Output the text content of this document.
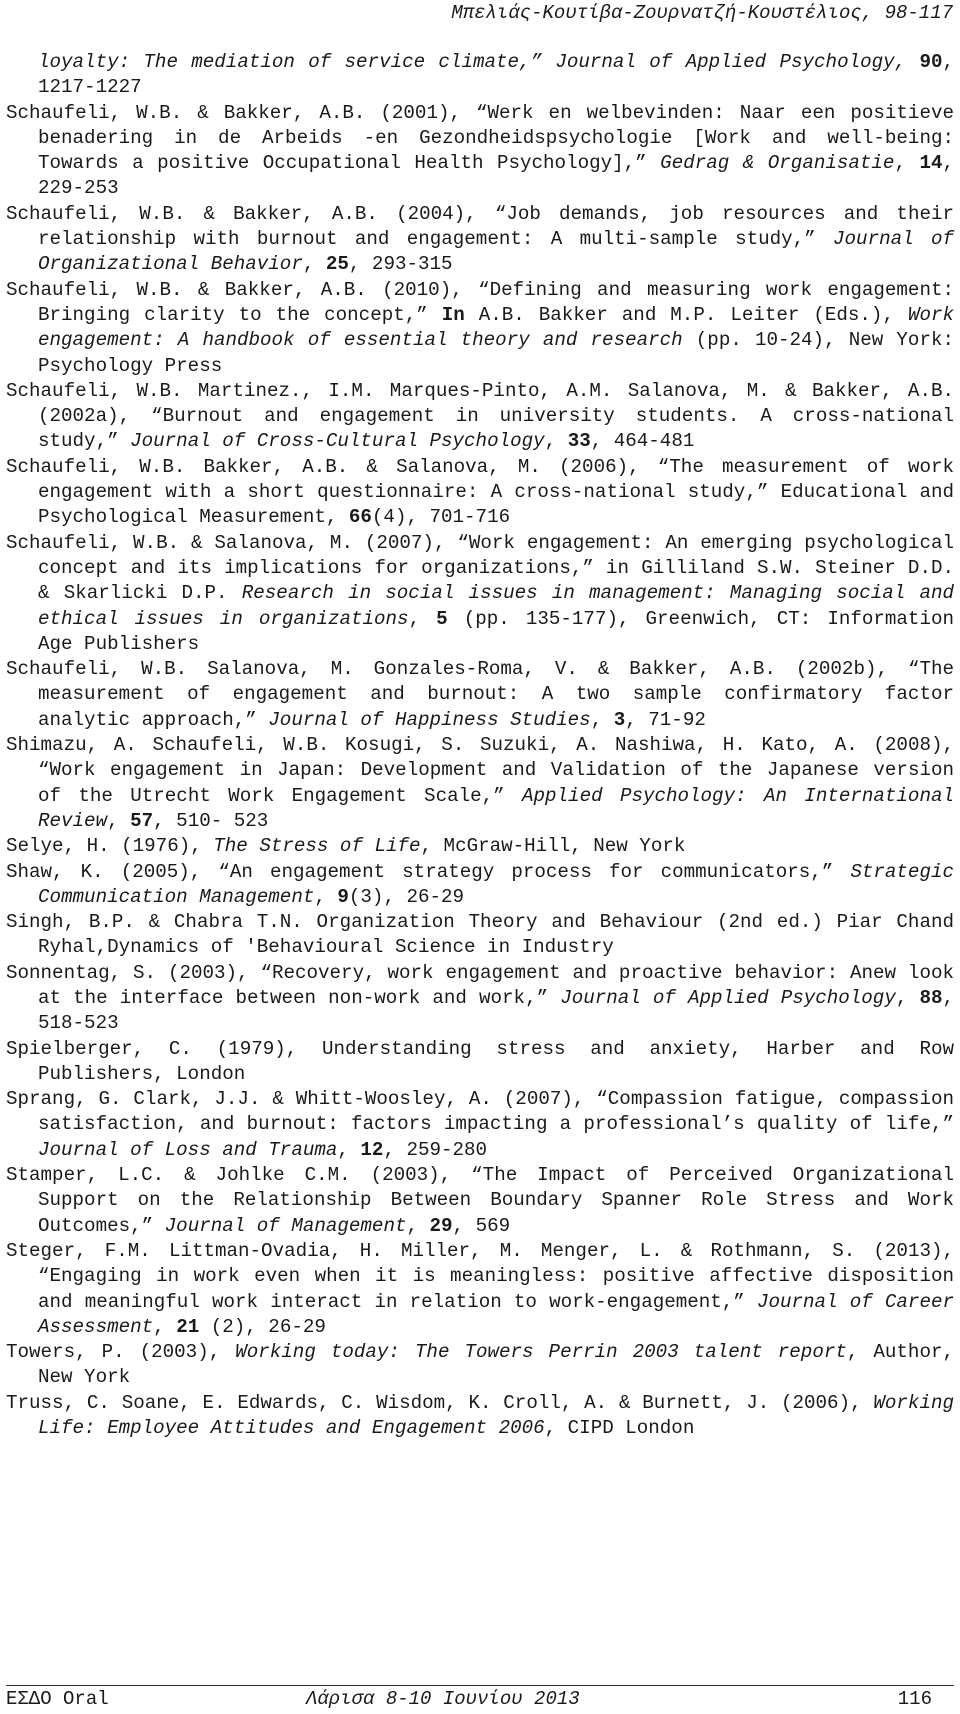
Μπελιάς-Κουτίβα-Ζουρνατζή-Κουστέλιος, 98-117

loyalty: The mediation of service climate,” Journal of Applied Psychology, 90, 1217-1227

Schaufeli, W.B. & Bakker, A.B. (2001), “Werk en welbevinden: Naar een positieve benadering in de Arbeids -en Gezondheidspsychologie [Work and well-being: Towards a positive Occupational Health Psychology],” Gedrag & Organisatie, 14, 229-253

Schaufeli, W.B. & Bakker, A.B. (2004), “Job demands, job resources and their relationship with burnout and engagement: A multi-sample study,” Journal of Organizational Behavior, 25, 293-315

Schaufeli, W.B. & Bakker, A.B. (2010), “Defining and measuring work engagement: Bringing clarity to the concept,” In A.B. Bakker and M.P. Leiter (Eds.), Work engagement: A handbook of essential theory and research (pp. 10-24), New York: Psychology Press

Schaufeli, W.B. Martinez., I.M. Marques-Pinto, A.M. Salanova, M. & Bakker, A.B. (2002a), “Burnout and engagement in university students. A cross-national study,” Journal of Cross-Cultural Psychology, 33, 464-481

Schaufeli, W.B. Bakker, A.B. & Salanova, M. (2006), “The measurement of work engagement with a short questionnaire: A cross-national study,” Educational and Psychological Measurement, 66(4), 701-716

Schaufeli, W.B. & Salanova, M. (2007), “Work engagement: An emerging psychological concept and its implications for organizations,” in Gilliland S.W. Steiner D.D. & Skarlicki D.P. Research in social issues in management: Managing social and ethical issues in organizations, 5 (pp. 135-177), Greenwich, CT: Information Age Publishers

Schaufeli, W.B. Salanova, M. Gonzales-Roma, V. & Bakker, A.B. (2002b), “The measurement of engagement and burnout: A two sample confirmatory factor analytic approach,” Journal of Happiness Studies, 3, 71-92

Shimazu, A. Schaufeli, W.B. Kosugi, S. Suzuki, A. Nashiwa, H. Kato, A. (2008), “Work engagement in Japan: Development and Validation of the Japanese version of the Utrecht Work Engagement Scale,” Applied Psychology: An International Review, 57, 510- 523

Selye, H. (1976), The Stress of Life, McGraw-Hill, New York

Shaw, K. (2005), “An engagement strategy process for communicators,” Strategic Communication Management, 9(3), 26-29

Singh, B.P. & Chabra T.N. Organization Theory and Behaviour (2nd ed.) Piar Chand Ryhal,Dynamics of 'Behavioural Science in Industry

Sonnentag, S. (2003), “Recovery, work engagement and proactive behavior: Anew look at the interface between non-work and work,” Journal of Applied Psychology, 88, 518-523

Spielberger, C. (1979), Understanding stress and anxiety, Harber and Row Publishers, London

Sprang, G. Clark, J.J. & Whitt-Woosley, A. (2007), “Compassion fatigue, compassion satisfaction, and burnout: factors impacting a professional’s quality of life,” Journal of Loss and Trauma, 12, 259-280

Stamper, L.C. & Johlke C.M. (2003), “The Impact of Perceived Organizational Support on the Relationship Between Boundary Spanner Role Stress and Work Outcomes,” Journal of Management, 29, 569

Steger, F.M. Littman-Ovadia, H. Miller, M. Menger, L. & Rothmann, S. (2013), “Engaging in work even when it is meaningless: positive affective disposition and meaningful work interact in relation to work-engagement,” Journal of Career Assessment, 21 (2), 26-29

Towers, P. (2003), Working today: The Towers Perrin 2003 talent report, Author, New York

Truss, C. Soane, E. Edwards, C. Wisdom, K. Croll, A. & Burnett, J. (2006), Working Life: Employee Attitudes and Engagement 2006, CIPD London

ΕΣΔΟ Oral	Λάρισα 8-10 Ιουνίου 2013	116
